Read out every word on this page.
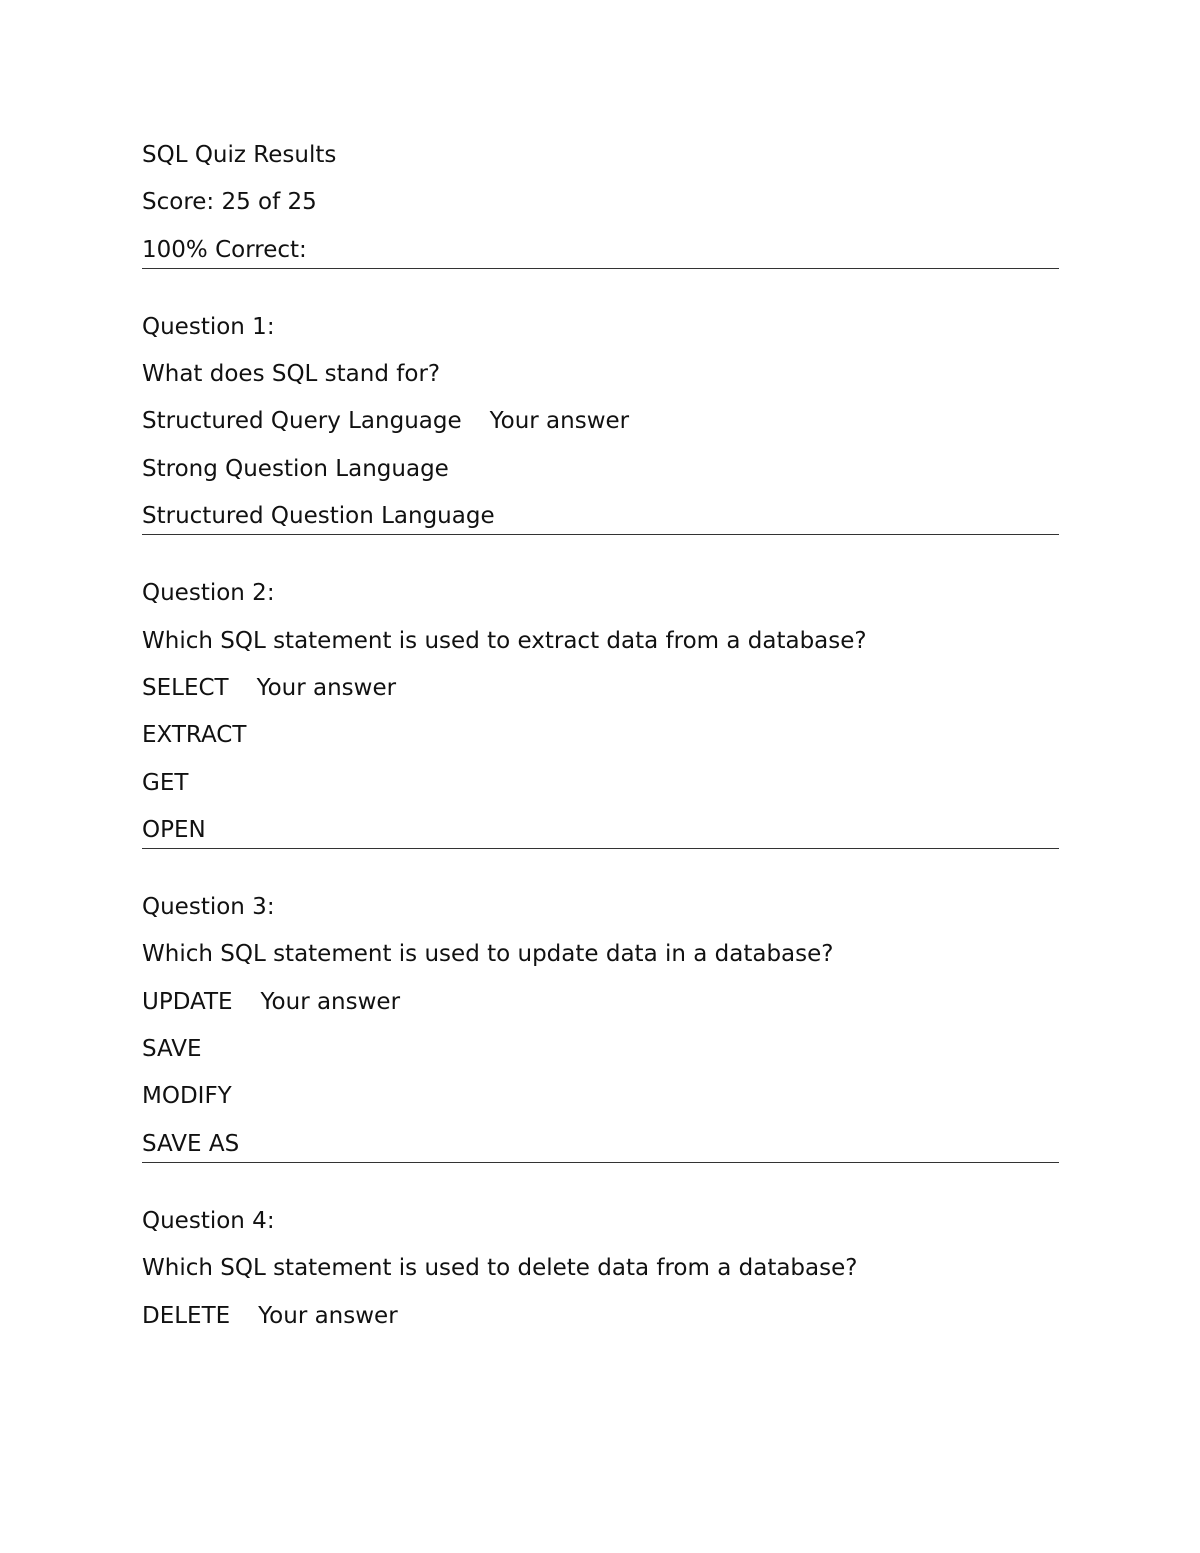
SQL Quiz Results
Score: 25 of 25
100% Correct:
Question 1:
What does SQL stand for?
Structured Query Language Your answer
Strong Question Language
Structured Question Language
Question 2:
Which SQL statement is used to extract data from a database?
SELECT Your answer
EXTRACT
GET
OPEN
Question 3:
Which SQL statement is used to update data in a database?
UPDATE Your answer
SAVE
MODIFY
SAVE AS
Question 4:
Which SQL statement is used to delete data from a database?
DELETE Your answer
